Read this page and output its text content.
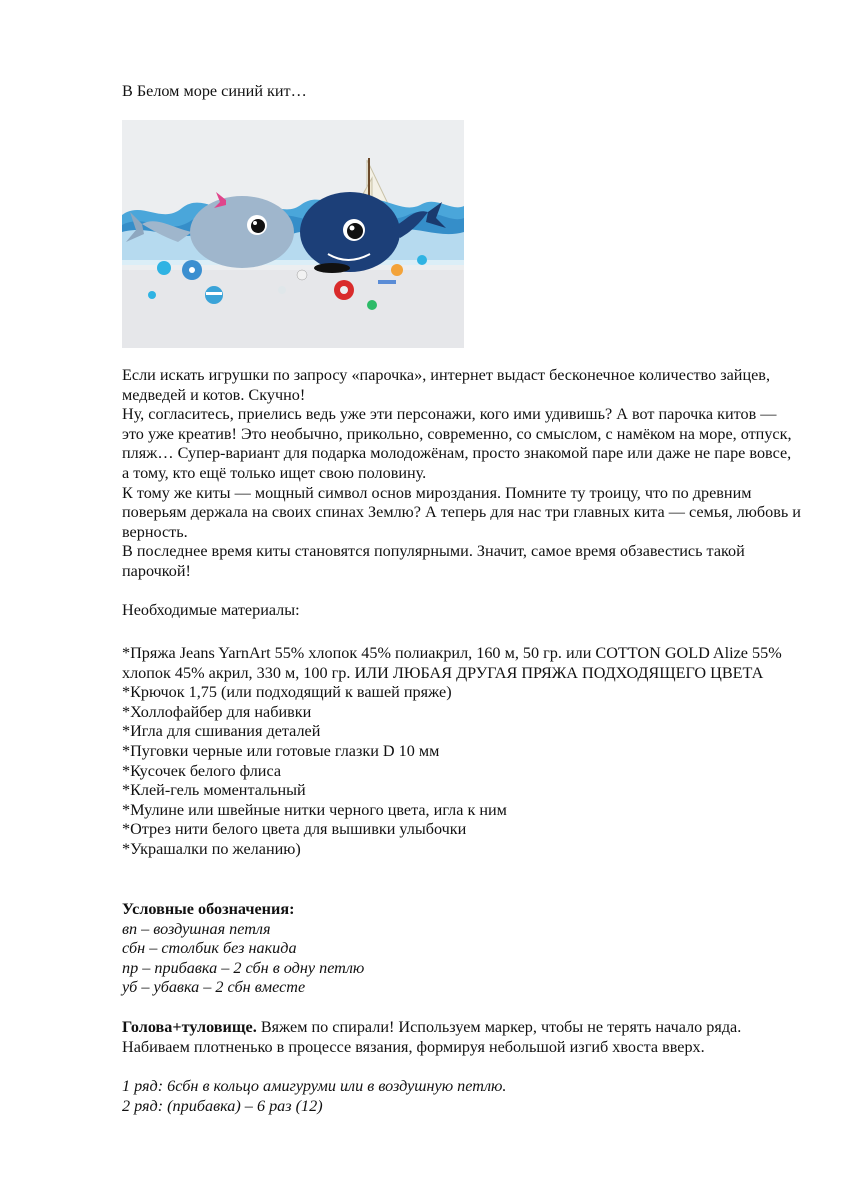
В Белом море синий кит…

Если искать игрушки по запросу «парочка», интернет выдаст бесконечное количество зайцев, медведей и котов. Скучно!

Ну, согласитесь, приелись ведь уже эти персонажи, кого ими удивишь? А вот парочка китов — это уже креатив! Это необычно, прикольно, современно, со смыслом, с намёком на море, отпуск, пляж… Супер-вариант для подарка молодожёнам, просто знакомой паре или даже не паре вовсе, а тому, кто ещё только ищет свою половину.

К тому же киты — мощный символ основ мироздания. Помните ту троицу, что по древним поверьям держала на своих спинах Землю? А теперь для нас три главных кита — семья, любовь и верность.

В последнее время киты становятся популярными. Значит, самое время обзавестись такой парочкой!

Необходимые материалы:

*Пряжа Jeans YarnArt 55% хлопок 45% полиакрил, 160 м, 50 гр. или COTTON GOLD Alize 55% хлопок 45% акрил, 330 м, 100 гр. ИЛИ ЛЮБАЯ ДРУГАЯ ПРЯЖА ПОДХОДЯЩЕГО ЦВЕТА

*Крючок 1,75 (или подходящий к вашей пряже)

*Холлофайбер для набивки

*Игла для сшивания деталей

*Пуговки черные или готовые глазки D 10 мм

*Кусочек белого флиса

*Клей-гель моментальный

*Мулине или швейные нитки черного цвета, игла к ним

*Отрез нити белого цвета для вышивки улыбочки

*Украшалки по желанию)

Условные обозначения:

вп – воздушная петля

сбн – столбик без накида

пр – прибавка – 2 сбн в одну петлю

уб – убавка – 2 сбн вместе

Голова+туловище. Вяжем по спирали! Используем маркер, чтобы не терять начало ряда. Набиваем плотненько в процессе вязания, формируя небольшой изгиб хвоста вверх.

1 ряд: 6сбн в кольцо амигуруми или в воздушную петлю.

2 ряд: (прибавка) – 6 раз (12)
